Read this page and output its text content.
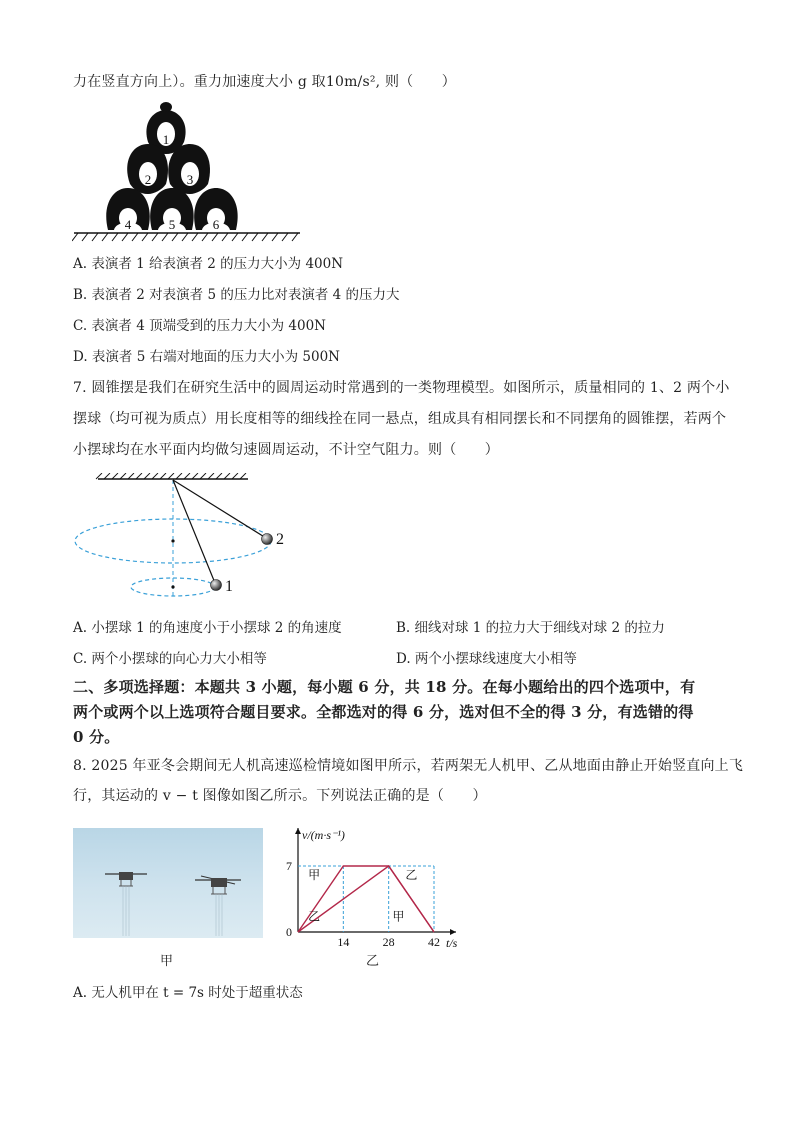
力在竖直方向上）。重力加速度大小 g 取10m/s², 则（　　）
1
2	3
4	5	6
A. 表演者 1 给表演者 2 的压力大小为 400N
B. 表演者 2 对表演者 5 的压力比对表演者 4 的压力大
C. 表演者 4 顶端受到的压力大小为 400N
D. 表演者 5 右端对地面的压力大小为 500N
7. 圆锥摆是我们在研究生活中的圆周运动时常遇到的一类物理模型。如图所示，质量相同的 1、2 两个小
摆球（均可视为质点）用长度相等的细线拴在同一悬点，组成具有相同摆长和不同摆角的圆锥摆，若两个
小摆球均在水平面内均做匀速圆周运动，不计空气阻力。则（　　）
2
1
A. 小摆球 1 的角速度小于小摆球 2 的角速度	B. 细线对球 1 的拉力大于细线对球 2 的拉力
C. 两个小摆球的向心力大小相等	D. 两个小摆球线速度大小相等
二、多项选择题：本题共 3 小题，每小题 6 分，共 18 分。在每小题给出的四个选项中，有
两个或两个以上选项符合题目要求。全都选对的得 6 分，选对但不全的得 3 分，有选错的得
0 分。
8. 2025 年亚冬会期间无人机高速巡检情境如图甲所示，若两架无人机甲、乙从地面由静止开始竖直向上飞
行，其运动的 v − t 图像如图乙所示。下列说法正确的是（　　）
甲
v/(m·s⁻¹)
t/s
0
7
14	28	42
甲
乙
乙
甲
乙
A. 无人机甲在 t = 7s 时处于超重状态
